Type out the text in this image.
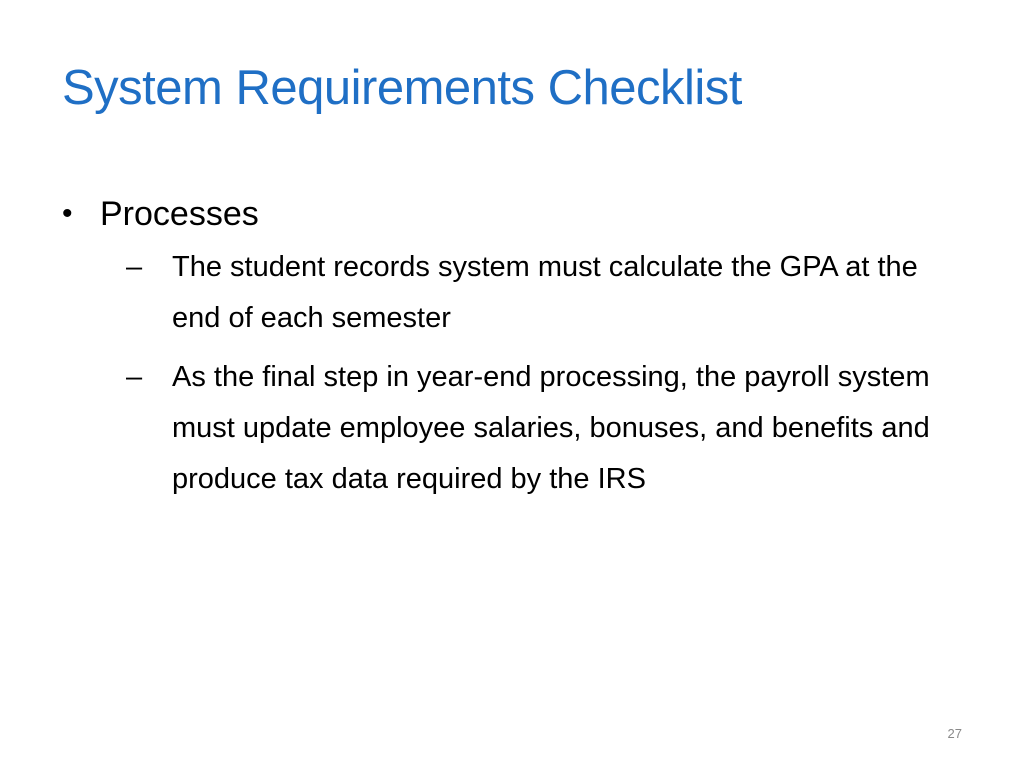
System Requirements Checklist
• Processes
–	The student records system must calculate the GPA at the end of each semester
–	As the final step in year-end processing, the payroll system must update employee salaries, bonuses, and benefits and produce tax data required by the IRS
27
